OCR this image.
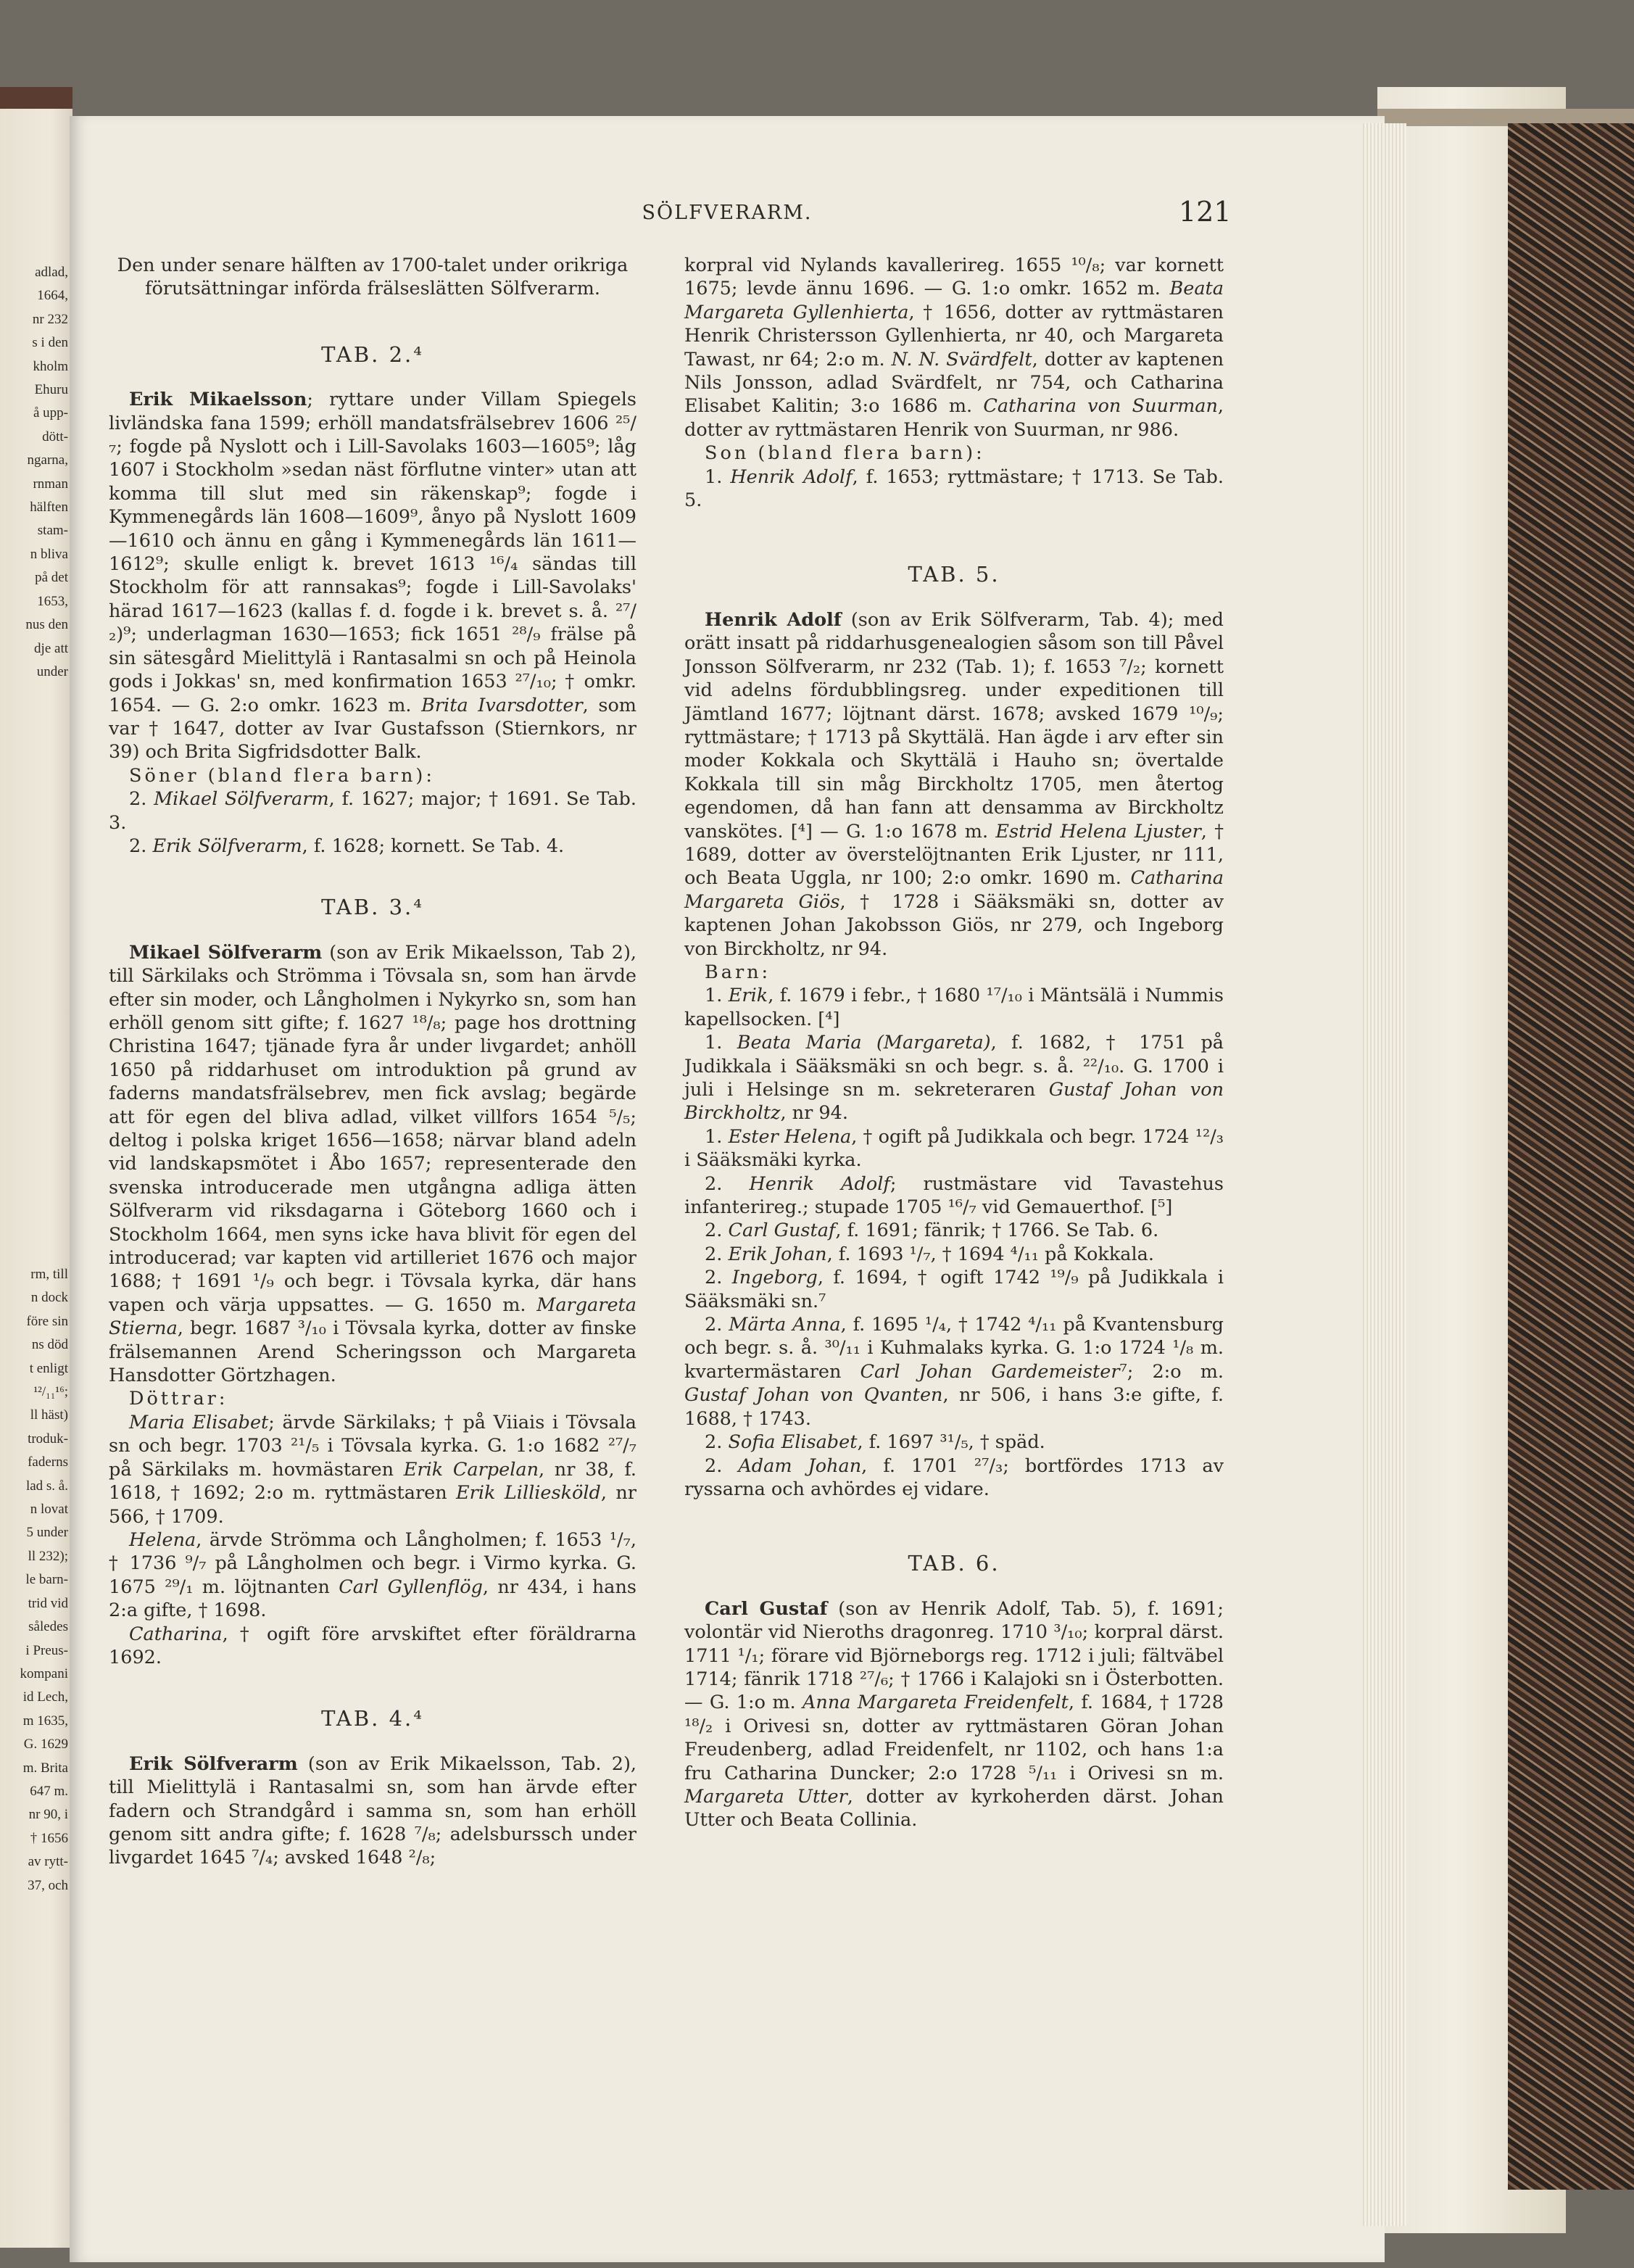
adlad,
1664,
nr 232
s i den
kholm
Ehuru
å upp-
dött-
ngarna,
rnman
hälften
stam-
n bliva
på det
1653,
nus den
dje att
under
rm, till
n dock
före sin
ns död
t enligt
¹²/₁₁¹⁶;
ll häst)
troduk-
faderns
lad s. å.
n lovat
5 under
ll 232);
le barn-
trid vid
således
i Preus-
kompani
id Lech,
m 1635,
G. 1629
m. Brita
647 m.
nr 90, i
† 1656
av rytt-
37, och
SÖLFVERARM.	121

Den under senare hälften av 1700-talet under orikriga förutsättningar införda frälseslätten Sölfverarm.

TAB. 2.⁴

Erik Mikaelsson; ryttare under Villam Spiegels livländska fana 1599; erhöll mandatsfrälsebrev 1606 ²⁵/₇; fogde på Nyslott och i Lill-Savolaks 1603—1605⁹; låg 1607 i Stockholm »sedan näst förflutne vinter» utan att komma till slut med sin räkenskap⁹; fogde i Kymmenegårds län 1608—1609⁹, ånyo på Nyslott 1609—1610 och ännu en gång i Kymmenegårds län 1611—1612⁹; skulle enligt k. brevet 1613 ¹⁶/₄ sändas till Stockholm för att rannsakas⁹; fogde i Lill-Savolaks' härad 1617—1623 (kallas f. d. fogde i k. brevet s. å. ²⁷/₂)⁹; underlagman 1630—1653; fick 1651 ²⁸/₉ frälse på sin sätesgård Mielittylä i Rantasalmi sn och på Heinola gods i Jokkas' sn, med konfirmation 1653 ²⁷/₁₀; † omkr. 1654. — G. 2:o omkr. 1623 m. Brita Ivarsdotter, som var † 1647, dotter av Ivar Gustafsson (Stiernkors, nr 39) och Brita Sigfridsdotter Balk.

Söner (bland flera barn):

2. Mikael Sölfverarm, f. 1627; major; † 1691. Se Tab. 3.

2. Erik Sölfverarm, f. 1628; kornett. Se Tab. 4.

TAB. 3.⁴

Mikael Sölfverarm (son av Erik Mikaelsson, Tab 2), till Särkilaks och Strömma i Tövsala sn, som han ärvde efter sin moder, och Långholmen i Nykyrko sn, som han erhöll genom sitt gifte; f. 1627 ¹⁸/₈; page hos drottning Christina 1647; tjänade fyra år under livgardet; anhöll 1650 på riddarhuset om introduktion på grund av faderns mandatsfrälsebrev, men fick avslag; begärde att för egen del bliva adlad, vilket villfors 1654 ⁵/₅; deltog i polska kriget 1656—1658; närvar bland adeln vid landskapsmötet i Åbo 1657; representerade den svenska introducerade men utgångna adliga ätten Sölfverarm vid riksdagarna i Göteborg 1660 och i Stockholm 1664, men syns icke hava blivit för egen del introducerad; var kapten vid artilleriet 1676 och major 1688; † 1691 ¹/₉ och begr. i Tövsala kyrka, där hans vapen och värja uppsattes. — G. 1650 m. Margareta Stierna, begr. 1687 ³/₁₀ i Tövsala kyrka, dotter av finske frälsemannen Arend Scheringsson och Margareta Hansdotter Görtzhagen.

Döttrar:

Maria Elisabet; ärvde Särkilaks; † på Viiais i Tövsala sn och begr. 1703 ²¹/₅ i Tövsala kyrka. G. 1:o 1682 ²⁷/₇ på Särkilaks m. hovmästaren Erik Carpelan, nr 38, f. 1618, † 1692; 2:o m. ryttmästaren Erik Lilliesköld, nr 566, † 1709.

Helena, ärvde Strömma och Långholmen; f. 1653 ¹/₇, † 1736 ⁹/₇ på Långholmen och begr. i Virmo kyrka. G. 1675 ²⁹/₁ m. löjtnanten Carl Gyllenflög, nr 434, i hans 2:a gifte, † 1698.

Catharina, † ogift före arvskiftet efter föräldrarna 1692.

TAB. 4.⁴

Erik Sölfverarm (son av Erik Mikaelsson, Tab. 2), till Mielittylä i Rantasalmi sn, som han ärvde efter fadern och Strandgård i samma sn, som han erhöll genom sitt andra gifte; f. 1628 ⁷/₈; adelsburssch under livgardet 1645 ⁷/₄; avsked 1648 ²/₈;

korpral vid Nylands kavallerireg. 1655 ¹⁰/₈; var kornett 1675; levde ännu 1696. — G. 1:o omkr. 1652 m. Beata Margareta Gyllenhierta, † 1656, dotter av ryttmästaren Henrik Christersson Gyllenhierta, nr 40, och Margareta Tawast, nr 64; 2:o m. N. N. Svärdfelt, dotter av kaptenen Nils Jonsson, adlad Svärdfelt, nr 754, och Catharina Elisabet Kalitin; 3:o 1686 m. Catharina von Suurman, dotter av ryttmästaren Henrik von Suurman, nr 986.

Son (bland flera barn):

1. Henrik Adolf, f. 1653; ryttmästare; † 1713. Se Tab. 5.

TAB. 5.

Henrik Adolf (son av Erik Sölfverarm, Tab. 4); med orätt insatt på riddarhusgenealogien såsom son till Påvel Jonsson Sölfverarm, nr 232 (Tab. 1); f. 1653 ⁷/₂; kornett vid adelns fördubblingsreg. under expeditionen till Jämtland 1677; löjtnant därst. 1678; avsked 1679 ¹⁰/₉; ryttmästare; † 1713 på Skyttälä. Han ägde i arv efter sin moder Kokkala och Skyttälä i Hauho sn; övertalde Kokkala till sin måg Birckholtz 1705, men återtog egendomen, då han fann att densamma av Birckholtz vanskötes. [⁴] — G. 1:o 1678 m. Estrid Helena Ljuster, † 1689, dotter av överstelöjtnanten Erik Ljuster, nr 111, och Beata Uggla, nr 100; 2:o omkr. 1690 m. Catharina Margareta Giös, † 1728 i Sääksmäki sn, dotter av kaptenen Johan Jakobsson Giös, nr 279, och Ingeborg von Birckholtz, nr 94.

Barn:

1. Erik, f. 1679 i febr., † 1680 ¹⁷/₁₀ i Mäntsälä i Nummis kapellsocken. [⁴]

1. Beata Maria (Margareta), f. 1682, † 1751 på Judikkala i Sääksmäki sn och begr. s. å. ²²/₁₀. G. 1700 i juli i Helsinge sn m. sekreteraren Gustaf Johan von Birckholtz, nr 94.

1. Ester Helena, † ogift på Judikkala och begr. 1724 ¹²/₃ i Sääksmäki kyrka.

2. Henrik Adolf; rustmästare vid Tavastehus infanterireg.; stupade 1705 ¹⁶/₇ vid Gemauerthof. [⁵]

2. Carl Gustaf, f. 1691; fänrik; † 1766. Se Tab. 6.

2. Erik Johan, f. 1693 ¹/₇, † 1694 ⁴/₁₁ på Kokkala.

2. Ingeborg, f. 1694, † ogift 1742 ¹⁹/₉ på Judikkala i Sääksmäki sn.⁷

2. Märta Anna, f. 1695 ¹/₄, † 1742 ⁴/₁₁ på Kvantensburg och begr. s. å. ³⁰/₁₁ i Kuhmalaks kyrka. G. 1:o 1724 ¹/₈ m. kvartermästaren Carl Johan Gardemeister⁷; 2:o m. Gustaf Johan von Qvanten, nr 506, i hans 3:e gifte, f. 1688, † 1743.

2. Sofia Elisabet, f. 1697 ³¹/₅, † späd.

2. Adam Johan, f. 1701 ²⁷/₃; bortfördes 1713 av ryssarna och avhördes ej vidare.

TAB. 6.

Carl Gustaf (son av Henrik Adolf, Tab. 5), f. 1691; volontär vid Nieroths dragonreg. 1710 ³/₁₀; korpral därst. 1711 ¹/₁; förare vid Björneborgs reg. 1712 i juli; fältväbel 1714; fänrik 1718 ²⁷/₆; † 1766 i Kalajoki sn i Österbotten. — G. 1:o m. Anna Margareta Freidenfelt, f. 1684, † 1728 ¹⁸/₂ i Orivesi sn, dotter av ryttmästaren Göran Johan Freudenberg, adlad Freidenfelt, nr 1102, och hans 1:a fru Catharina Duncker; 2:o 1728 ⁵/₁₁ i Orivesi sn m. Margareta Utter, dotter av kyrkoherden därst. Johan Utter och Beata Collinia.
